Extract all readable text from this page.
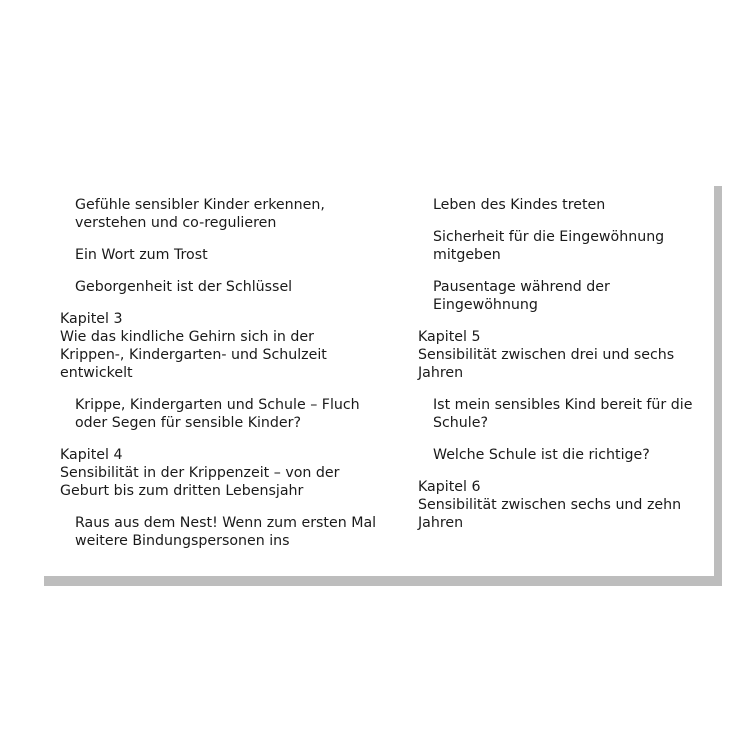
Gefühle sensibler Kinder erkennen, verstehen und co-regulieren
Ein Wort zum Trost
Geborgenheit ist der Schlüssel
Kapitel 3
Wie das kindliche Gehirn sich in der Krippen-, Kindergarten- und Schulzeit entwickelt
Krippe, Kindergarten und Schule – Fluch oder Segen für sensible Kinder?
Kapitel 4
Sensibilität in der Krippenzeit – von der Geburt bis zum dritten Lebensjahr
Raus aus dem Nest! Wenn zum ersten Mal weitere Bindungspersonen ins
Leben des Kindes treten
Sicherheit für die Eingewöhnung mitgeben
Pausentage während der Eingewöhnung
Kapitel 5
Sensibilität zwischen drei und sechs Jahren
Ist mein sensibles Kind bereit für die Schule?
Welche Schule ist die richtige?
Kapitel 6
Sensibilität zwischen sechs und zehn Jahren
